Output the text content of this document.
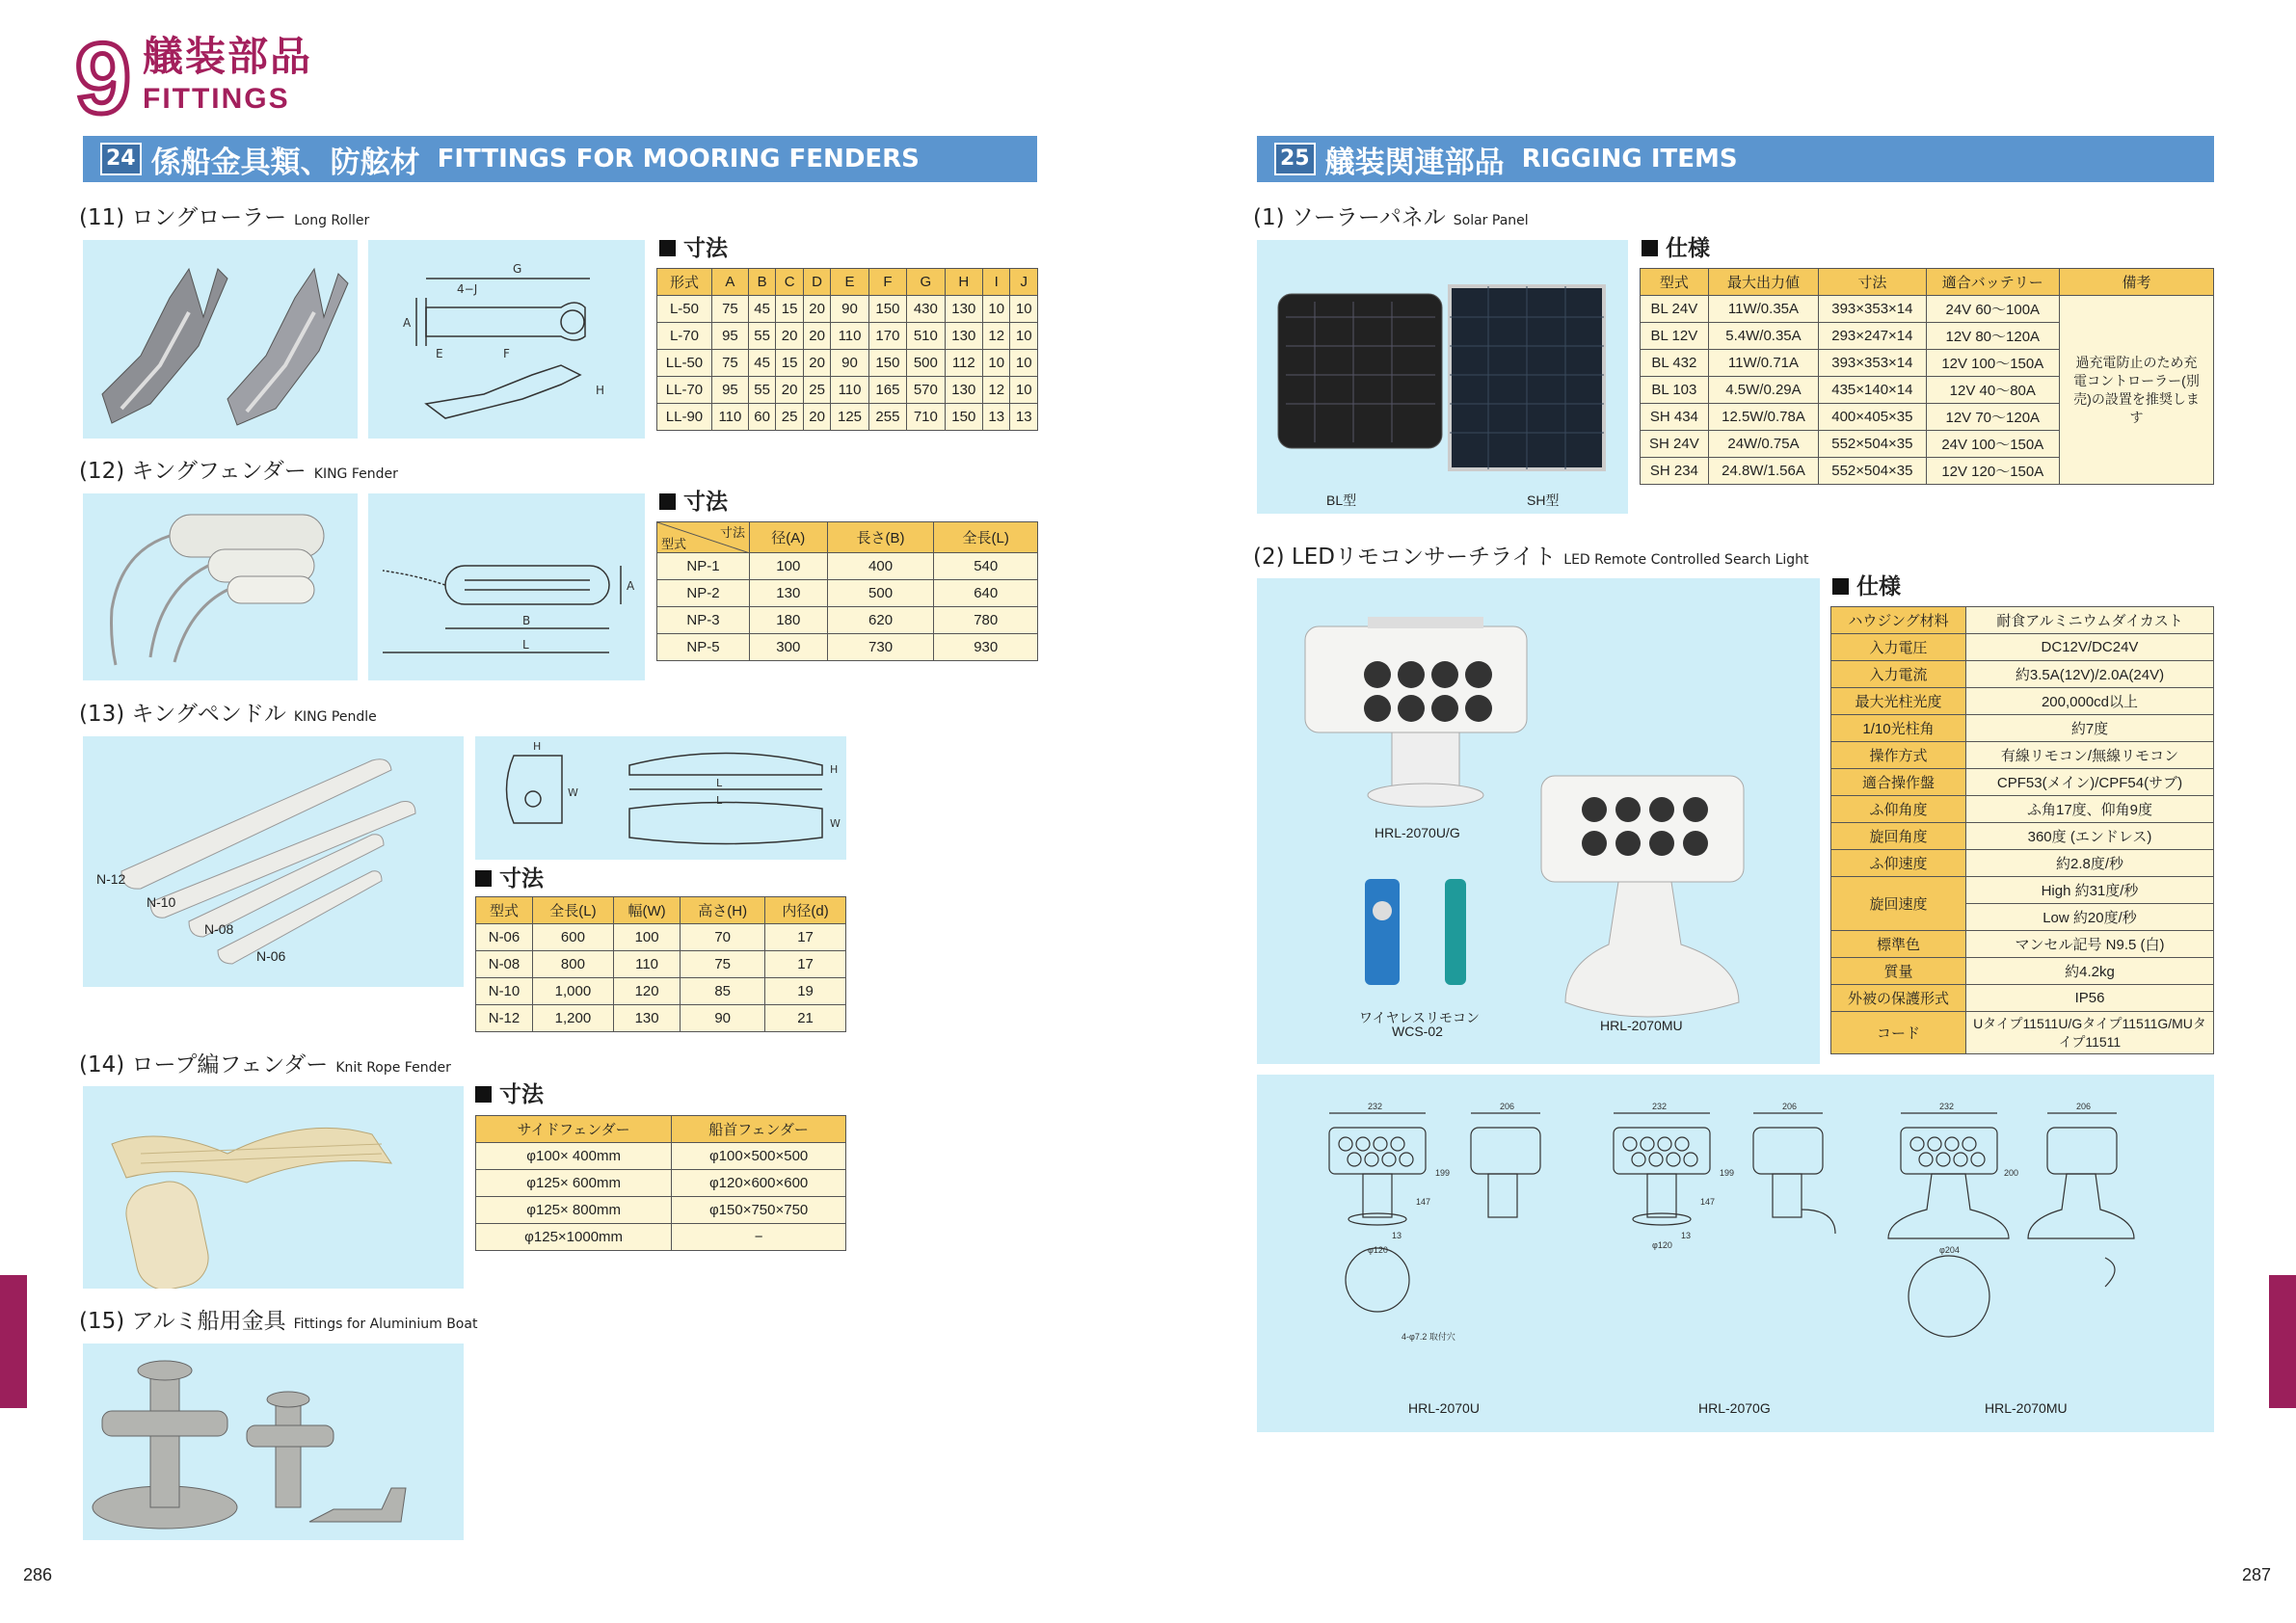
9 艤装部品
FITTINGS
24 係船金具類、防舷材 FITTINGS FOR MOORING FENDERS	25 艤装関連部品 RIGGING ITEMS
(11) ロングローラー Long Roller
G
4−J
A
E	F
H
寸法
形式	A	B	C	D	E	F	G	H	I	J
L-50	75	45	15	20	90	150	430	130	10	10
L-70	95	55	20	20	110	170	510	130	12	10
LL-50	75	45	15	20	90	150	500	112	10	10
LL-70	95	55	20	25	110	165	570	130	12	10
LL-90	110	60	25	20	125	255	710	150	13	13
(12) キングフェンダー KING Fender
A
B
L
寸法
寸法
型式	径(A)	長さ(B)	全長(L)
NP-1	100	400	540
NP-2	130	500	640
NP-3	180	620	780
NP-5	300	730	930
(13) キングペンドル KING Pendle
N-12
N-10
N-08
N-06
H
W
L
L
H
W
寸法
型式	全長(L)	幅(W)	高さ(H)	内径(d)
N-06	600	100	70	17
N-08	800	110	75	17
N-10	1,000	120	85	19
N-12	1,200	130	90	21
(14) ロープ編フェンダー Knit Rope Fender
寸法
サイドフェンダー	船首フェンダー
φ100× 400mm	φ100×500×500
φ125× 600mm	φ120×600×600
φ125× 800mm	φ150×750×750
φ125×1000mm	−
(15) アルミ船用金具 Fittings for Aluminium Boat
(1) ソーラーパネル Solar Panel
BL型	SH型
仕様
型式	最大出力値	寸法	適合バッテリー	備考
BL 24V	11W/0.35A	393×353×14	24V 60〜100A	過充電防止のため充電コントローラー(別売)の設置を推奨します
BL 12V	5.4W/0.35A	293×247×14	12V 80〜120A	
BL 432	11W/0.71A	393×353×14	12V 100〜150A	
BL 103	4.5W/0.29A	435×140×14	12V 40〜80A	
SH 434	12.5W/0.78A	400×405×35	12V 70〜120A	
SH 24V	24W/0.75A	552×504×35	24V 100〜150A	
SH 234	24.8W/1.56A	552×504×35	12V 120〜150A	
(2) LEDリモコンサーチライト LED Remote Controlled Search Light
HRL-2070U/G
HRL-2070MU
ワイヤレスリモコン
WCS-02
仕様
ハウジング材料	耐食アルミニウムダイカスト
入力電圧	DC12V/DC24V
入力電流	約3.5A(12V)/2.0A(24V)
最大光柱光度	200,000cd以上
1/10光柱角	約7度
操作方式	有線リモコン/無線リモコン
適合操作盤	CPF53(メイン)/CPF54(サブ)
ふ仰角度	ふ角17度、仰角9度
旋回角度	360度 (エンドレス)
ふ仰速度	約2.8度/秒
旋回速度	High 約31度/秒
	Low 約20度/秒
標準色	マンセル記号 N9.5 (白)
質量	約4.2kg
外被の保護形式	IP56
コード	Uタイプ11511U/Gタイプ11511G/MUタイプ11511
232	206	232	206	232	206
φ120	φ120	φ204
199	199	200
147	147
13	13
4-φ7.2 取付穴
HRL-2070U	HRL-2070G	HRL-2070MU
286	287
